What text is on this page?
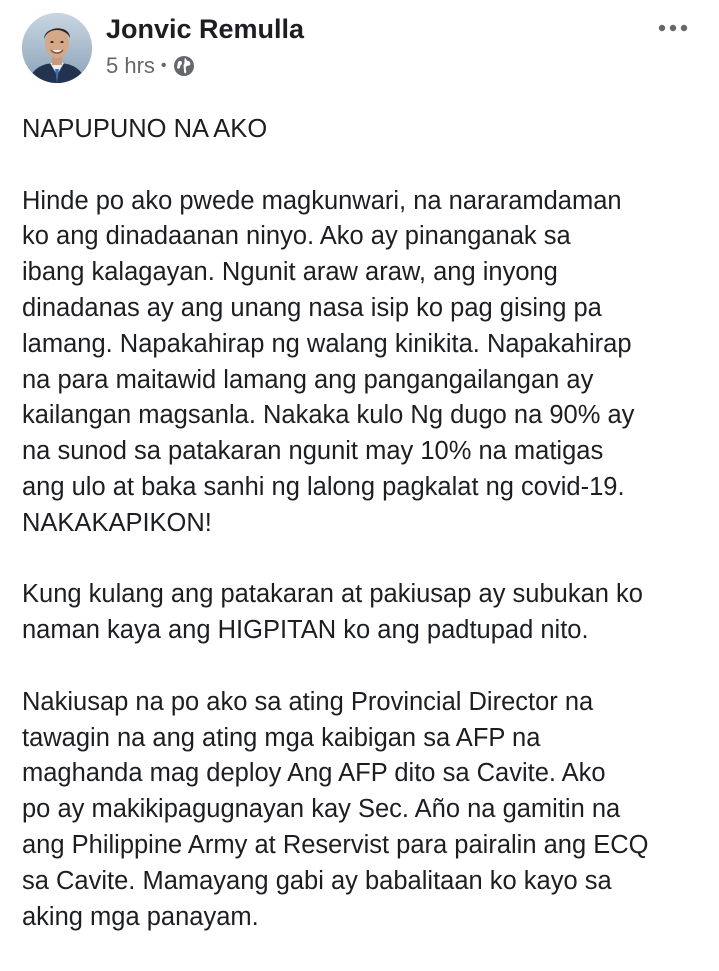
Jonvic Remulla
5 hrs •
NAPUPUNO NA AKO
Hinde po ako pwede magkunwari, na nararamdaman
ko ang dinadaanan ninyo. Ako ay pinanganak sa
ibang kalagayan. Ngunit araw araw, ang inyong
dinadanas ay ang unang nasa isip ko pag gising pa
lamang. Napakahirap ng walang kinikita. Napakahirap
na para maitawid lamang ang pangangailangan ay
kailangan magsanla. Nakaka kulo Ng dugo na 90% ay
na sunod sa patakaran ngunit may 10% na matigas
ang ulo at baka sanhi ng lalong pagkalat ng covid-19.
NAKAKAPIKON!
Kung kulang ang patakaran at pakiusap ay subukan ko
naman kaya ang HIGPITAN ko ang padtupad nito.
Nakiusap na po ako sa ating Provincial Director na
tawagin na ang ating mga kaibigan sa AFP na
maghanda mag deploy Ang AFP dito sa Cavite. Ako
po ay makikipagugnayan kay Sec. Año na gamitin na
ang Philippine Army at Reservist para pairalin ang ECQ
sa Cavite. Mamayang gabi ay babalitaan ko kayo sa
aking mga panayam.
